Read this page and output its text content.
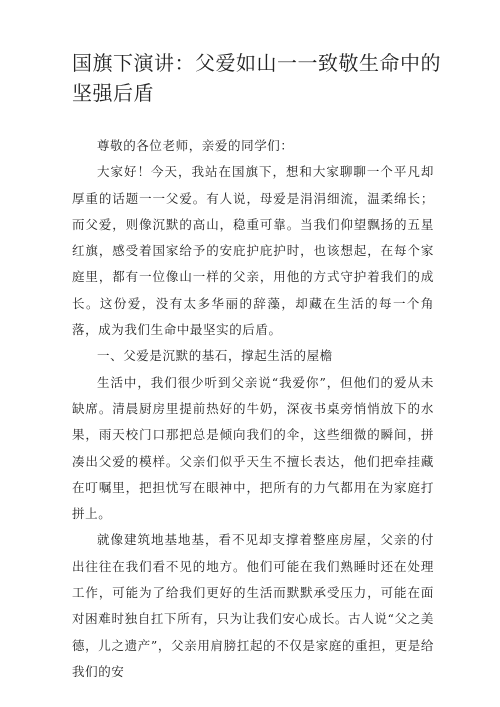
国旗下演讲：父爱如山一一致敬生命中的坚强后盾

尊敬的各位老师，亲爱的同学们：

大家好！今天，我站在国旗下，想和大家聊聊一个平凡却厚重的话题一一父爱。有人说，母爱是涓涓细流，温柔绵长；而父爱，则像沉默的高山，稳重可靠。当我们仰望飘扬的五星红旗，感受着国家给予的安庇护庇护时，也该想起，在每个家庭里，都有一位像山一样的父亲，用他的方式守护着我们的成长。这份爱，没有太多华丽的辞藻，却藏在生活的每一个角落，成为我们生命中最坚实的后盾。

一、父爱是沉默的基石，撑起生活的屋檐

生活中，我们很少听到父亲说“我爱你”，但他们的爱从未缺席。清晨厨房里提前热好的牛奶，深夜书桌旁悄悄放下的水果，雨天校门口那把总是倾向我们的伞，这些细微的瞬间，拼凑出父爱的模样。父亲们似乎天生不擅长表达，他们把牵挂藏在叮嘱里，把担忧写在眼神中，把所有的力气都用在为家庭打拼上。

就像建筑地基地基，看不见却支撑着整座房屋，父亲的付出往往在我们看不见的地方。他们可能在我们熟睡时还在处理工作，可能为了给我们更好的生活而默默承受压力，可能在面对困难时独自扛下所有，只为让我们安心成长。古人说“父之美德，儿之遗产”，父亲用肩膀扛起的不仅是家庭的重担，更是给我们的安
